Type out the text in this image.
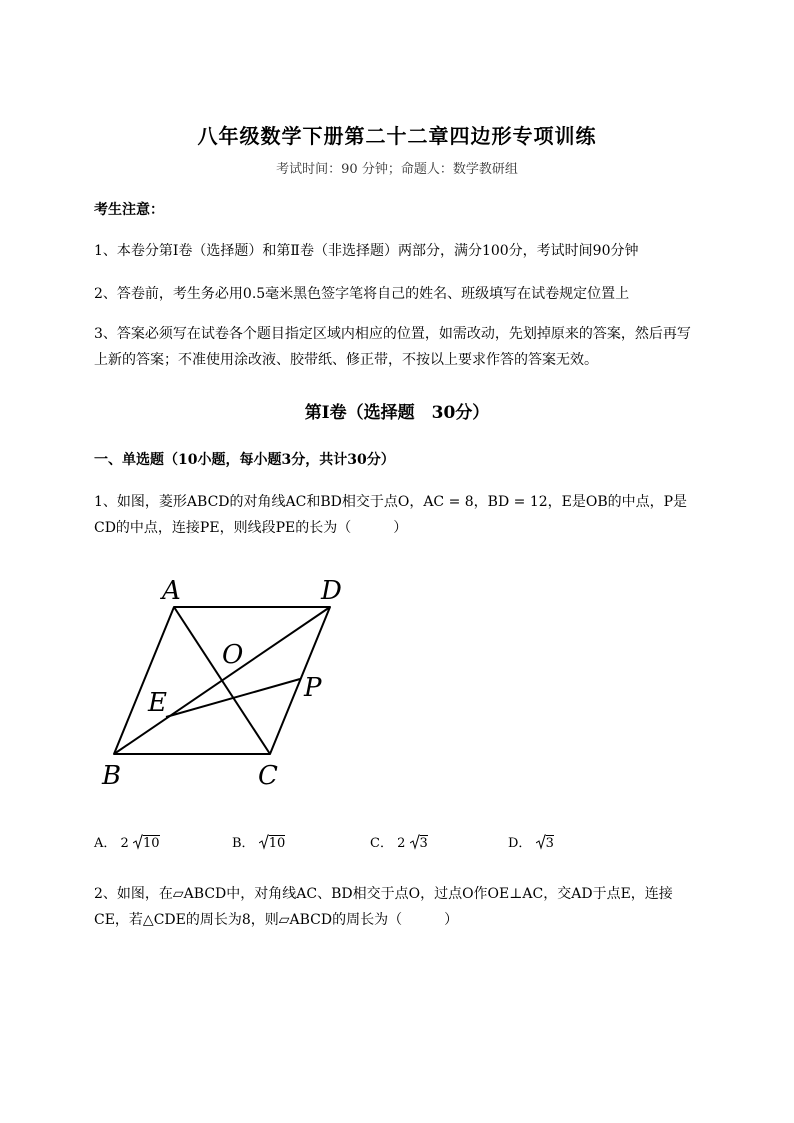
八年级数学下册第二十二章四边形专项训练
考试时间：90 分钟；命题人：数学教研组
考生注意：
1、本卷分第Ⅰ卷（选择题）和第Ⅱ卷（非选择题）两部分，满分100分，考试时间90分钟
2、答卷前，考生务必用0.5毫米黑色签字笔将自己的姓名、班级填写在试卷规定位置上
3、答案必须写在试卷各个题目指定区域内相应的位置，如需改动，先划掉原来的答案，然后再写上新的答案；不准使用涂改液、胶带纸、修正带，不按以上要求作答的答案无效。
第Ⅰ卷（选择题　30分）
一、单选题（10小题，每小题3分，共计30分）
1、如图，菱形ABCD的对角线AC和BD相交于点O，AC = 8，BD = 12，E是OB的中点，P是CD的中点，连接PE，则线段PE的长为（　　　）
A	D
O
P
E
B	C
A． 2 10	B． 10	C． 2 3	D． 3
2、如图，在▱ABCD中，对角线AC、BD相交于点O，过点O作OE⊥AC，交AD于点E，连接CE，若△CDE的周长为8，则▱ABCD的周长为（　　　）
